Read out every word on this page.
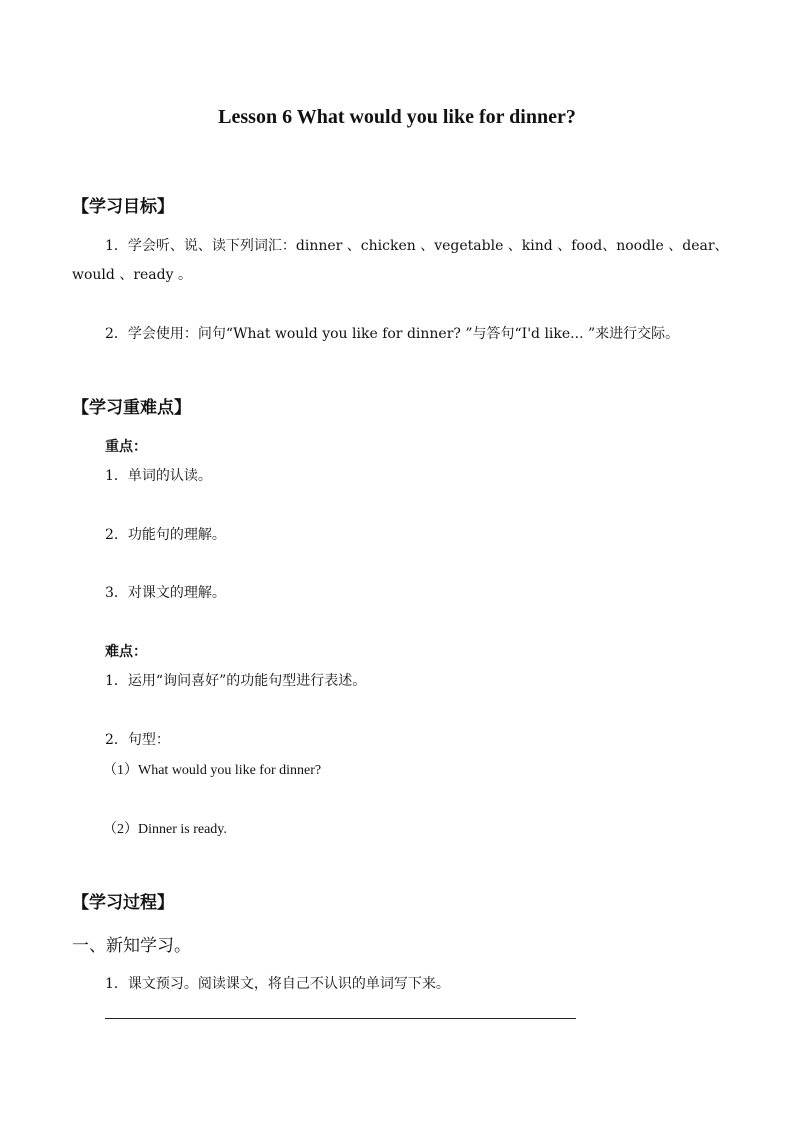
Lesson 6 What would you like for dinner?
【学习目标】
1．学会听、说、读下列词汇：dinner 、chicken 、vegetable 、kind 、food、noodle 、dear、
would 、ready 。
2．学会使用：问句“What would you like for dinner? ”与答句“I'd like... ”来进行交际。
【学习重难点】
重点：
1．单词的认读。
2．功能句的理解。
3．对课文的理解。
难点：
1．运用“询问喜好”的功能句型进行表述。
2．句型：
（1）What would you like for dinner?
（2）Dinner is ready.
【学习过程】
一、新知学习。
1．课文预习。阅读课文，将自己不认识的单词写下来。
